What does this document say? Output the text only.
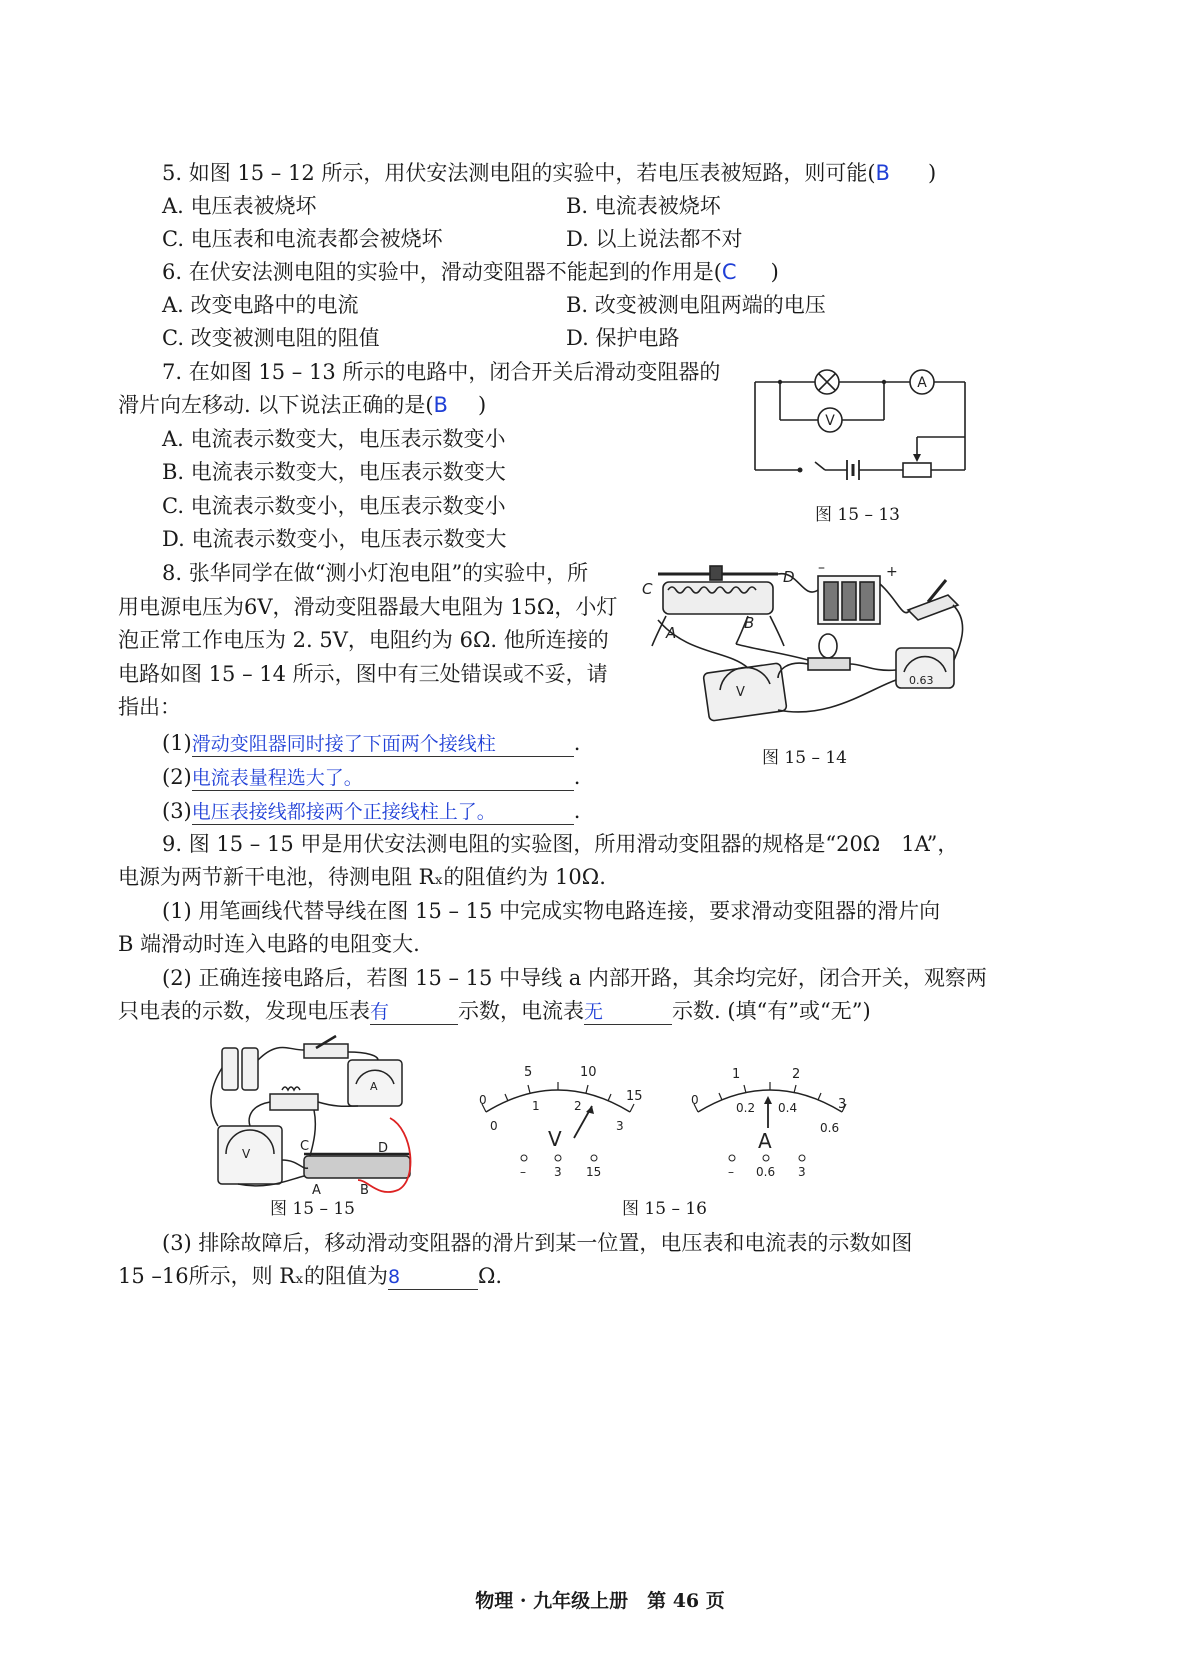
5. 如图 15 – 12 所示，用伏安法测电阻的实验中，若电压表被短路，则可能(B )
A. 电压表被烧坏	B. 电流表被烧坏
C. 电压表和电流表都会被烧坏	D. 以上说法都不对
6. 在伏安法测电阻的实验中，滑动变阻器不能起到的作用是(C )
A. 改变电路中的电流	B. 改变被测电阻两端的电压
C. 改变被测电阻的阻值	D. 保护电路
7. 在如图 15 – 13 所示的电路中，闭合开关后滑动变阻器的
滑片向左移动. 以下说法正确的是(B )
A. 电流表示数变大，电压表示数变小
B. 电流表示数变大，电压表示数变大
C. 电流表示数变小，电压表示数变小
D. 电流表示数变小，电压表示数变大
A
V
图 15 – 13
8. 张华同学在做“测小灯泡电阻”的实验中，所
用电源电压为6V，滑动变阻器最大电阻为 15Ω，小灯
泡正常工作电压为 2. 5V，电阻约为 6Ω. 他所连接的
电路如图 15 – 14 所示，图中有三处错误或不妥，请
指出：
(1)滑动变阻器同时接了下面两个接线柱	.
(2)电流表量程选大了。	.
(3)电压表接线都接两个正接线柱上了。	.
C
D
A
B
–	+
V
0.63
图 15 – 14
9. 图 15 – 15 甲是用伏安法测电阻的实验图，所用滑动变阻器的规格是“20Ω　1A”，
电源为两节新干电池，待测电阻 Rₓ的阻值约为 10Ω.
(1) 用笔画线代替导线在图 15 – 15 中完成实物电路连接，要求滑动变阻器的滑片向
B 端滑动时连入电路的电阻变大.
(2) 正确连接电路后，若图 15 – 15 中导线 a 内部开路，其余均完好，闭合开关，观察两
只电表的示数，发现电压表有	示数，电流表无	示数. (填“有”或“无”)
C	D
A	B
V
A
图 15 – 15
0
5	10
15
0
1	2
3
V
– 3 15
0
1	2
3
0.2 0.4
0.6
A
– 0.6 3
图 15 – 16
(3) 排除故障后，移动滑动变阻器的滑片到某一位置，电压表和电流表的示数如图
15 –16所示，则 Rₓ的阻值为8	Ω.
物理 · 九年级上册　第 46 页
